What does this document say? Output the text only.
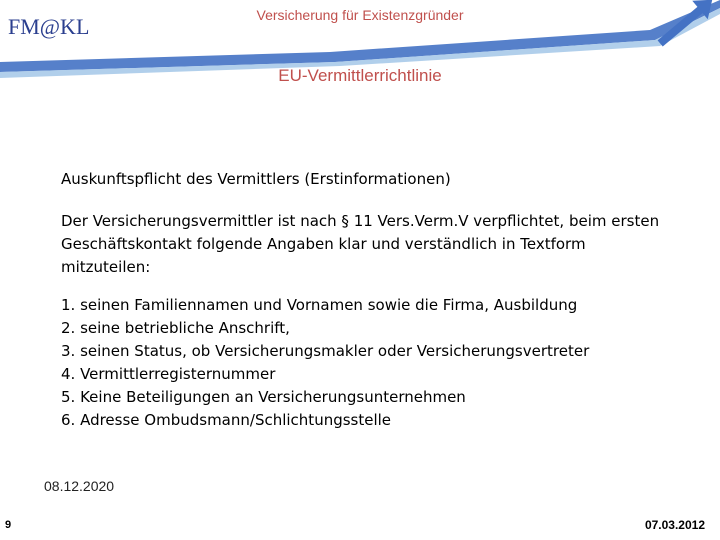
FM@KL	Versicherung für Existenzgründer
EU-Vermittlerrichtlinie

Auskunftspflicht des Vermittlers (Erstinformationen)

Der Versicherungsvermittler ist nach § 11 Vers.Verm.V verpflichtet, beim ersten
Geschäftskontakt folgende Angaben klar und verständlich in Textform
mitzuteilen:
1. seinen Familiennamen und Vornamen sowie die Firma, Ausbildung
2. seine betriebliche Anschrift,
3. seinen Status, ob Versicherungsmakler oder Versicherungsvertreter
4. Vermittlerregisternummer
5. Keine Beteiligungen an Versicherungsunternehmen
6. Adresse Ombudsmann/Schlichtungsstelle
9
08.12.2020
07.03.2012
